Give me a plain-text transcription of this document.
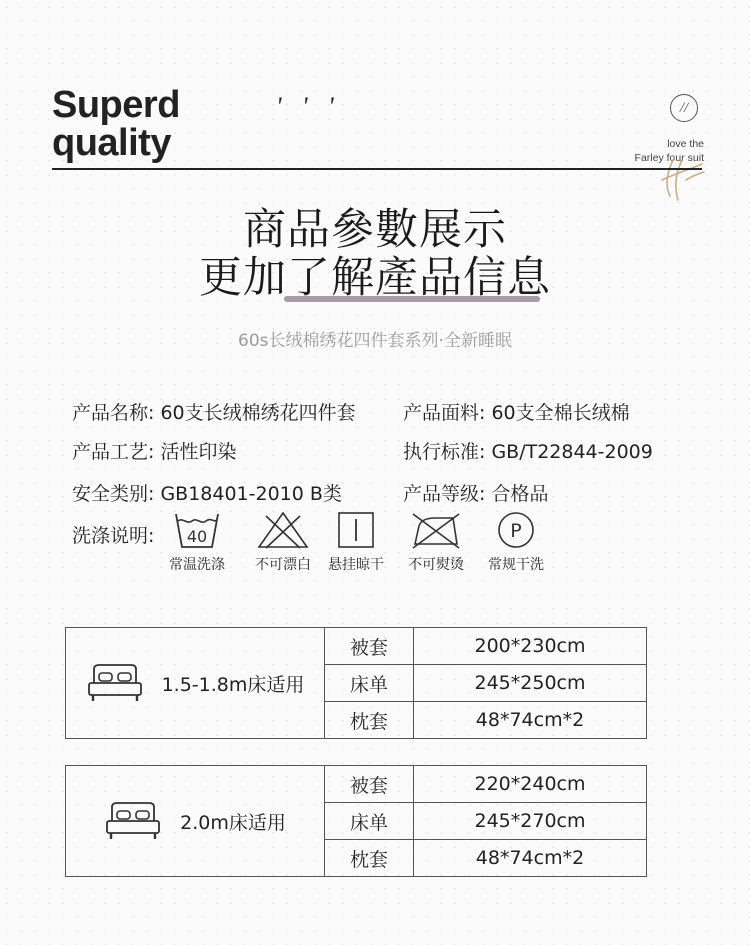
Superd
quality
' ' '	//
love the
Farley four suit
商品參數展示
更加了解產品信息
60s长绒棉绣花四件套系列·全新睡眠
产品名称: 60支长绒棉绣花四件套 产品面料: 60支全棉长绒棉
产品工艺: 活性印染	执行标准: GB/T22844-2009
安全类别: GB18401-2010 B类	产品等级: 合格品
洗涤说明: 40
常温洗涤	不可漂白	悬挂晾干	不可熨烫
P
常规干洗
1.5-1.8m床适用	被套	200*230cm
	床单	245*250cm
	枕套	48*74cm*2
2.0m床适用	被套	220*240cm
	床单	245*270cm
	枕套	48*74cm*2
